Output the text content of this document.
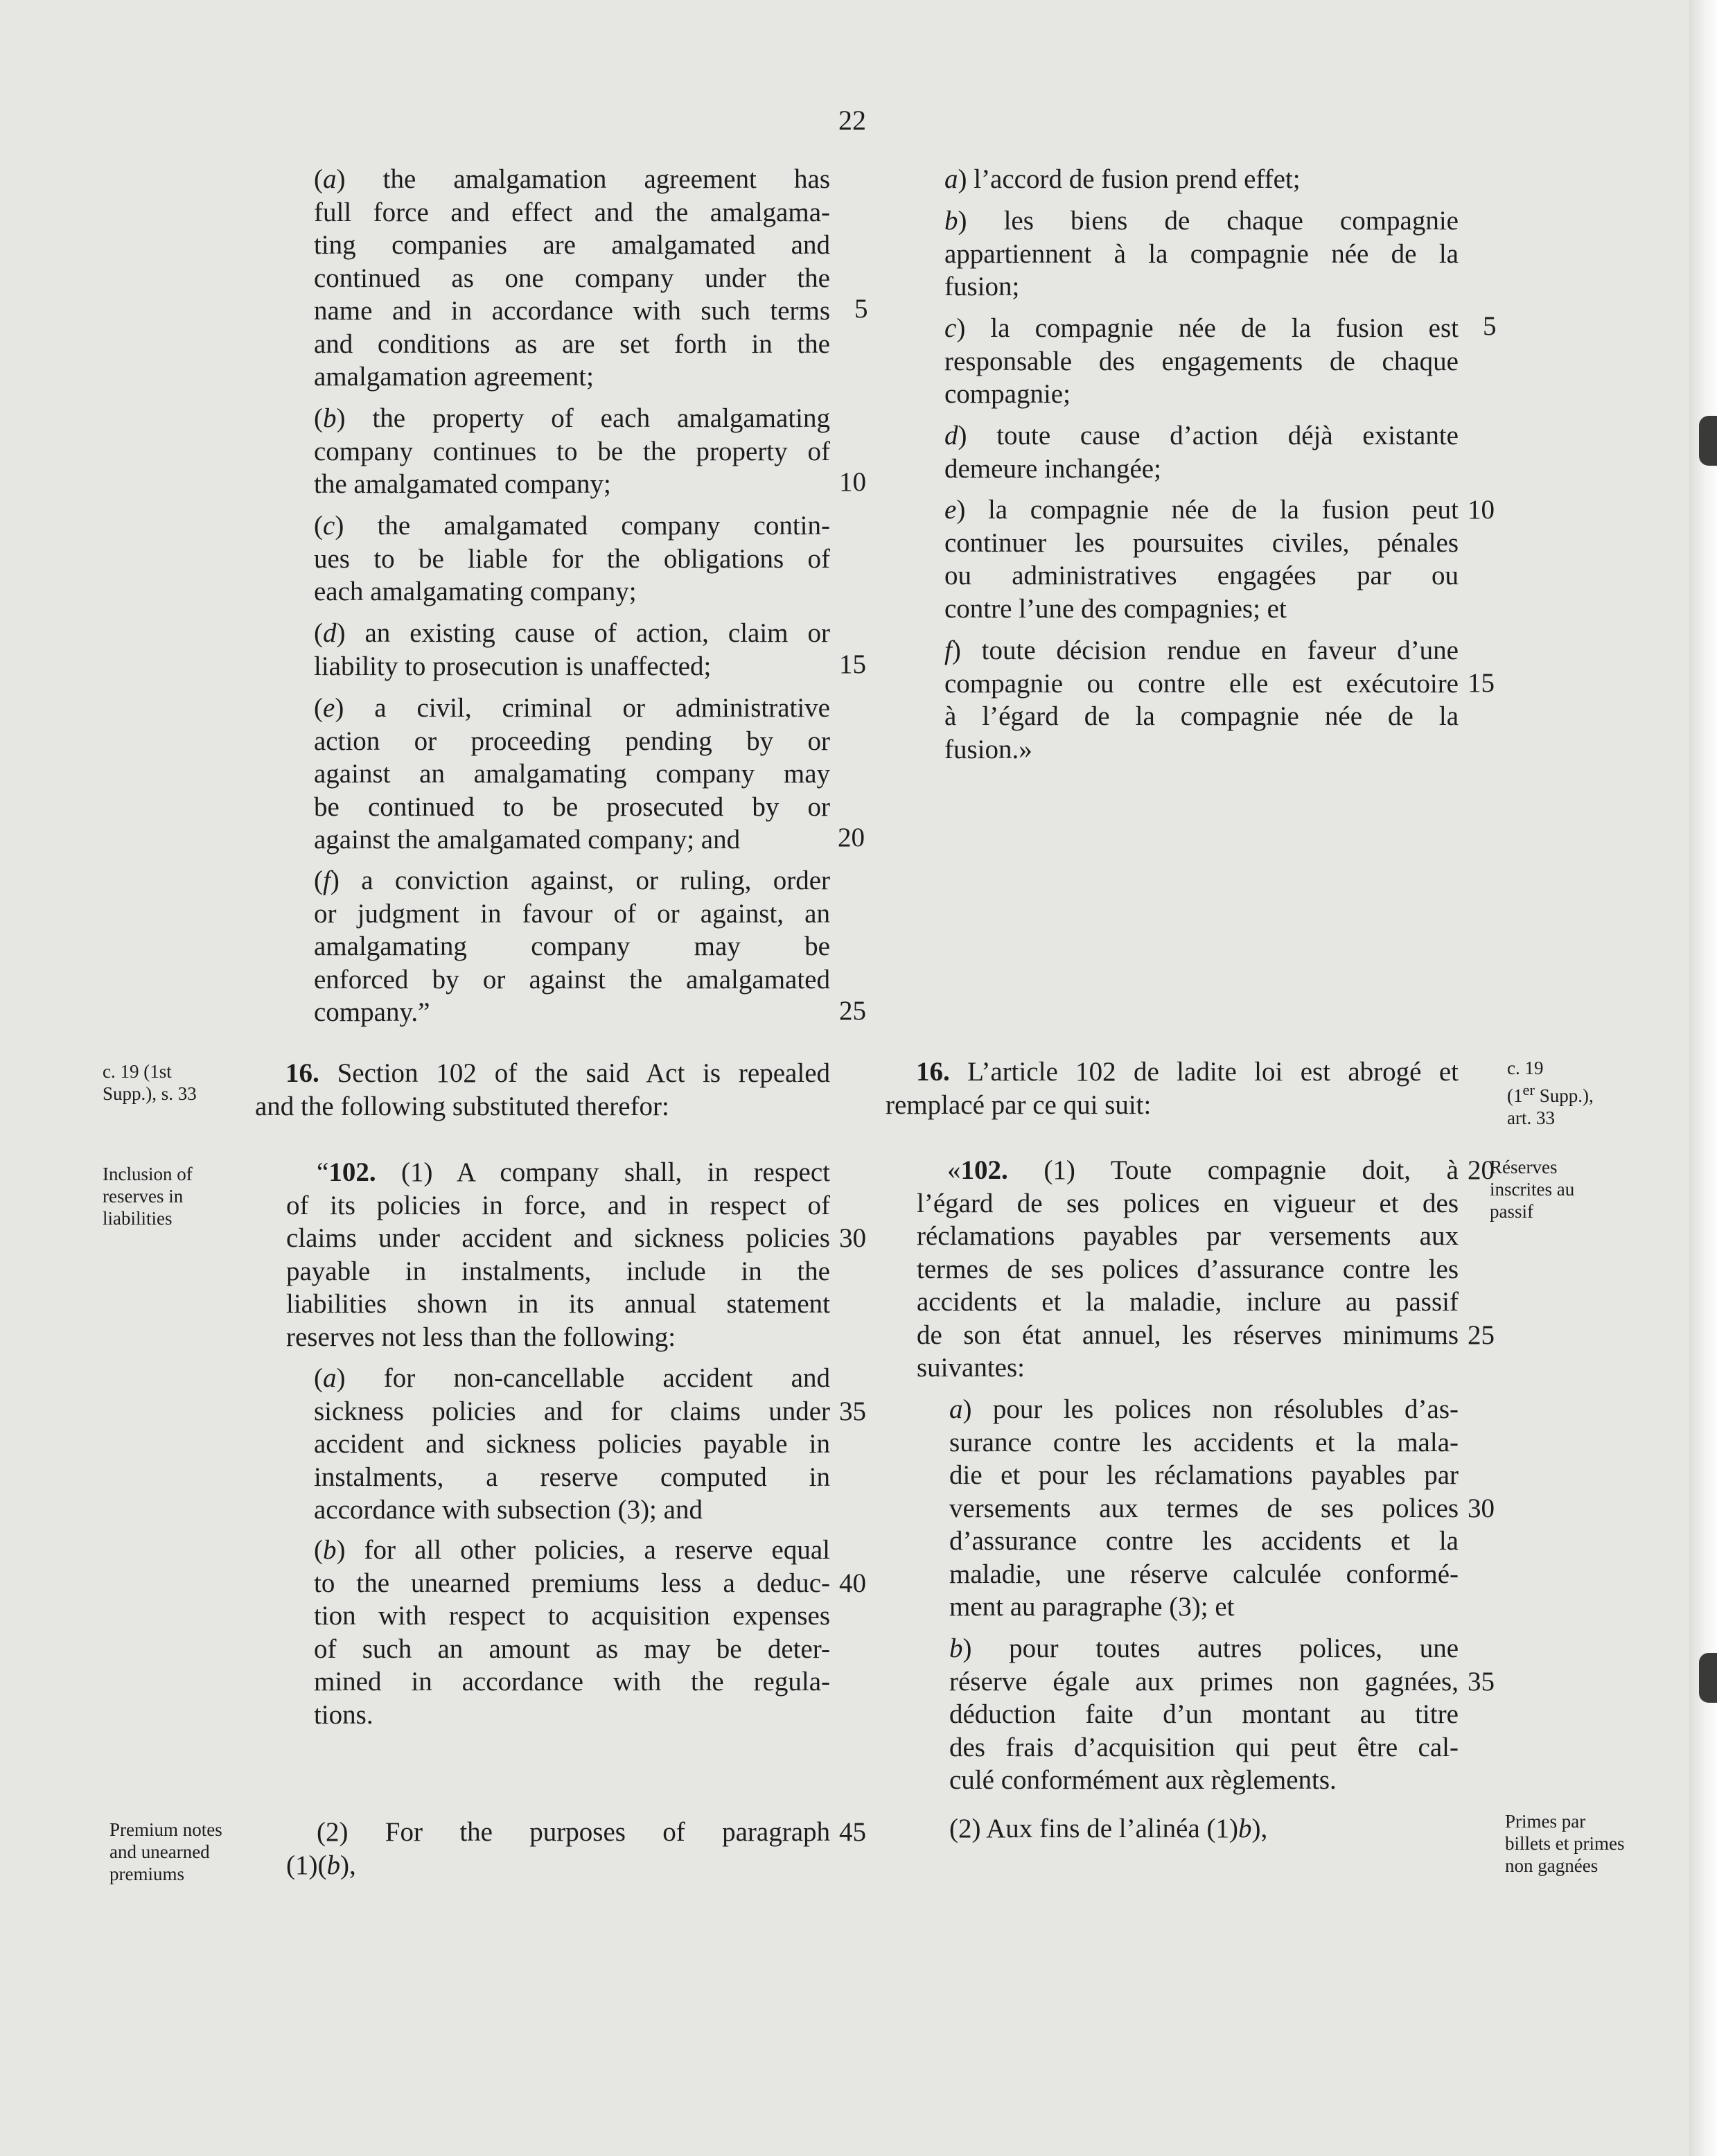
22
(a) the amalgamation agreement has
full force and effect and the amalgama-
ting companies are amalgamated and
continued as one company under the
name and in accordance with such terms
and conditions as are set forth in the
amalgamation agreement;
(b) the property of each amalgamating
company continues to be the property of
the amalgamated company;
(c) the amalgamated company contin-
ues to be liable for the obligations of
each amalgamating company;
(d) an existing cause of action, claim or
liability to prosecution is unaffected;
(e) a civil, criminal or administrative
action or proceeding pending by or
against an amalgamating company may
be continued to be prosecuted by or
against the amalgamated company; and
(f) a conviction against, or ruling, order
or judgment in favour of or against, an
amalgamating company may be
enforced by or against the amalgamated
company.”
16. Section 102 of the said Act is repealed
and the following substituted therefor:
“102. (1) A company shall, in respect
of its policies in force, and in respect of
claims under accident and sickness policies
payable in instalments, include in the
liabilities shown in its annual statement
reserves not less than the following:
(a) for non-cancellable accident and
sickness policies and for claims under
accident and sickness policies payable in
instalments, a reserve computed in
accordance with subsection (3); and
(b) for all other policies, a reserve equal
to the unearned premiums less a deduc-
tion with respect to acquisition expenses
of such an amount as may be deter-
mined in accordance with the regula-
tions.
(2) For the purposes of paragraph
(1)(b),
5
10
15
20
25
30
35
40
45
c. 19 (1st
Supp.), s. 33
Inclusion of
reserves in
liabilities
Premium notes
and unearned
premiums
a) l’accord de fusion prend effet;
b) les biens de chaque compagnie
appartiennent à la compagnie née de la
fusion;
c) la compagnie née de la fusion est
responsable des engagements de chaque
compagnie;
d) toute cause d’action déjà existante
demeure inchangée;
e) la compagnie née de la fusion peut
continuer les poursuites civiles, pénales
ou administratives engagées par ou
contre l’une des compagnies; et
f) toute décision rendue en faveur d’une
compagnie ou contre elle est exécutoire
à l’égard de la compagnie née de la
fusion.»
16. L’article 102 de ladite loi est abrogé et
remplacé par ce qui suit:
«102. (1) Toute compagnie doit, à
l’égard de ses polices en vigueur et des
réclamations payables par versements aux
termes de ses polices d’assurance contre les
accidents et la maladie, inclure au passif
de son état annuel, les réserves minimums
suivantes:
a) pour les polices non résolubles d’as-
surance contre les accidents et la mala-
die et pour les réclamations payables par
versements aux termes de ses polices
d’assurance contre les accidents et la
maladie, une réserve calculée conformé-
ment au paragraphe (3); et
b) pour toutes autres polices, une
réserve égale aux primes non gagnées,
déduction faite d’un montant au titre
des frais d’acquisition qui peut être cal-
culé conformément aux règlements.
(2) Aux fins de l’alinéa (1)b),
5
10
15
20
25
30
35
c. 19
(1er Supp.),
art. 33
Réserves
inscrites au
passif
Primes par
billets et primes
non gagnées
